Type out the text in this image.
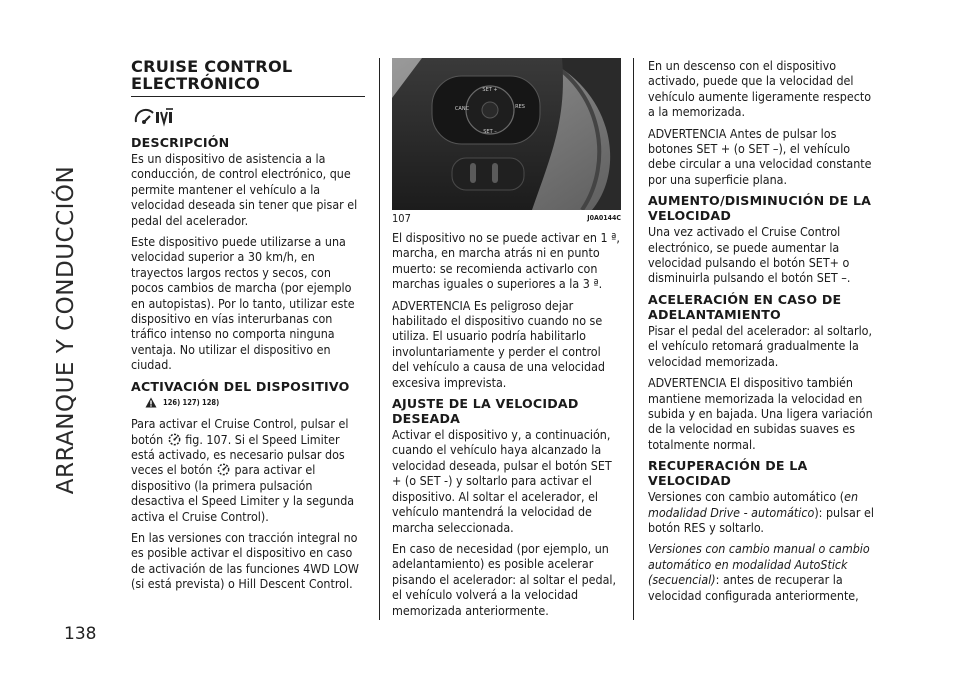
ARRANQUE Y CONDUCCIÓN
138
CRUISE CONTROL
ELECTRÓNICO
DESCRIPCIÓN

Es un dispositivo de asistencia a la conducción, de control electrónico, que permite mantener el vehículo a la velocidad deseada sin tener que pisar el pedal del acelerador.

Este dispositivo puede utilizarse a una velocidad superior a 30 km/h, en trayectos largos rectos y secos, con pocos cambios de marcha (por ejemplo en autopistas). Por lo tanto, utilizar este dispositivo en vías interurbanas con tráfico intenso no comporta ninguna ventaja. No utilizar el dispositivo en ciudad.

ACTIVACIÓN DEL DISPOSITIVO
126) 127) 128)

Para activar el Cruise Control, pulsar el botón fig. 107. Si el Speed Limiter está activado, es necesario pulsar dos veces el botón para activar el dispositivo (la primera pulsación desactiva el Speed Limiter y la segunda activa el Cruise Control).

En las versiones con tracción integral no es posible activar el dispositivo en caso de activación de las funciones 4WD LOW (si está prevista) o Hill Descent Control.

SET +
CANC	RES
SET –
107	J0A0144C

El dispositivo no se puede activar en 1 ª, marcha, en marcha atrás ni en punto muerto: se recomienda activarlo con marchas iguales o superiores a la 3 ª.

ADVERTENCIA Es peligroso dejar habilitado el dispositivo cuando no se utiliza. El usuario podría habilitarlo involuntariamente y perder el control del vehículo a causa de una velocidad excesiva imprevista.

AJUSTE DE LA VELOCIDAD
DESEADA

Activar el dispositivo y, a continuación, cuando el vehículo haya alcanzado la velocidad deseada, pulsar el botón SET + (o SET -) y soltarlo para activar el dispositivo. Al soltar el acelerador, el vehículo mantendrá la velocidad de marcha seleccionada.

En caso de necesidad (por ejemplo, un adelantamiento) es posible acelerar pisando el acelerador: al soltar el pedal, el vehículo volverá a la velocidad memorizada anteriormente.

En un descenso con el dispositivo activado, puede que la velocidad del vehículo aumente ligeramente respecto a la memorizada.

ADVERTENCIA Antes de pulsar los botones SET + (o SET –), el vehículo debe circular a una velocidad constante por una superficie plana.

AUMENTO/DISMINUCIÓN DE LA
VELOCIDAD

Una vez activado el Cruise Control electrónico, se puede aumentar la velocidad pulsando el botón SET+ o disminuirla pulsando el botón SET –.

ACELERACIÓN EN CASO DE
ADELANTAMIENTO

Pisar el pedal del acelerador: al soltarlo, el vehículo retomará gradualmente la velocidad memorizada.

ADVERTENCIA El dispositivo también mantiene memorizada la velocidad en subida y en bajada. Una ligera variación de la velocidad en subidas suaves es totalmente normal.

RECUPERACIÓN DE LA
VELOCIDAD

Versiones con cambio automático (en modalidad Drive - automático): pulsar el botón RES y soltarlo.

Versiones con cambio manual o cambio automático en modalidad AutoStick (secuencial): antes de recuperar la velocidad configurada anteriormente,
